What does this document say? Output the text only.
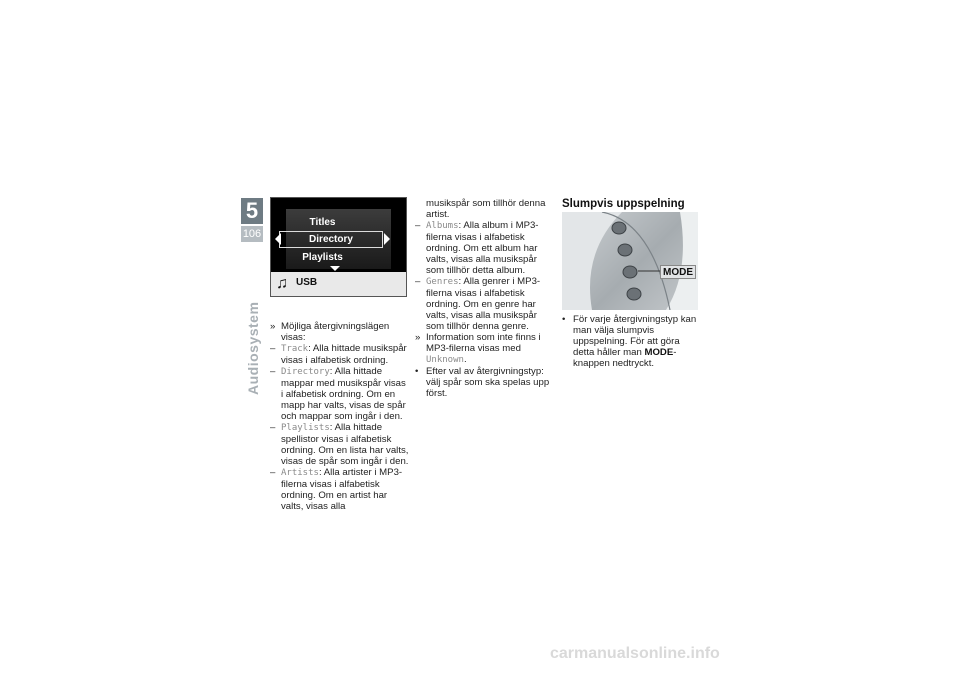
5
106
Audiosystem
Titles
Directory
Playlists
♫ USB

» Möjliga återgivningslägen visas:

– Track: Alla hittade musikspår visas i alfabetisk ordning.

– Directory: Alla hittade mappar med musikspår visas i alfabetisk ordning. Om en mapp har valts, visas de spår och mappar som ingår i den.

– Playlists: Alla hittade spellistor visas i alfabetisk ordning. Om en lista har valts, visas de spår som ingår i den.

– Artists: Alla artister i MP3-filerna visas i alfabetisk ordning. Om en artist har valts, visas alla

musikspår som tillhör denna artist.

– Albums: Alla album i MP3-filerna visas i alfabetisk ordning. Om ett album har valts, visas alla musikspår som tillhör detta album.

– Genres: Alla genrer i MP3-filerna visas i alfabetisk ordning. Om en genre har valts, visas alla musikspår som tillhör denna genre.

» Information som inte finns i MP3-filerna visas med Unknown.

• Efter val av återgivningstyp: välj spår som ska spelas upp först.

Slumpvis uppspelning
MODE

• För varje återgivningstyp kan man välja slumpvis uppspelning. För att göra detta håller man MODE-knappen nedtryckt.

carmanualsonline.info
